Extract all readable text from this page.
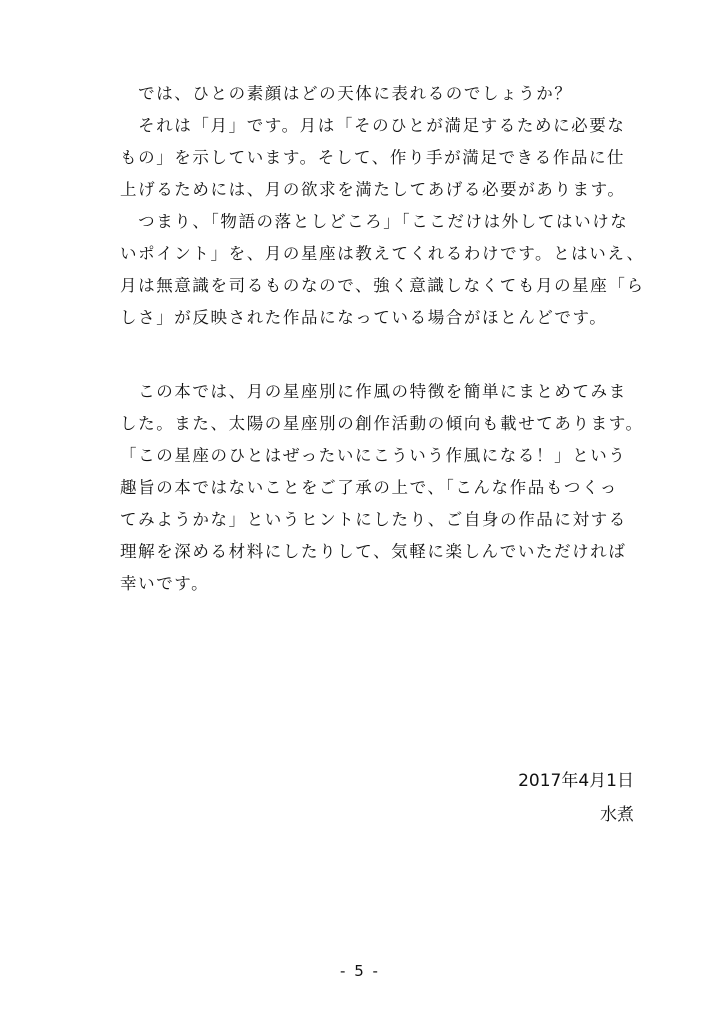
　では、ひとの素顔はどの天体に表れるのでしょうか？
　それは「月」です。月は「そのひとが満足するために必要な
もの」を示しています。そして、作り手が満足できる作品に仕
上げるためには、月の欲求を満たしてあげる必要があります。
　つまり、「物語の落としどころ」「ここだけは外してはいけな
いポイント」を、月の星座は教えてくれるわけです。とはいえ、
月は無意識を司るものなので、強く意識しなくても月の星座「ら
しさ」が反映された作品になっている場合がほとんどです。
　この本では、月の星座別に作風の特徴を簡単にまとめてみま
した。また、太陽の星座別の創作活動の傾向も載せてあります。
「この星座のひとはぜったいにこういう作風になる！」という
趣旨の本ではないことをご了承の上で、「こんな作品もつくっ
てみようかな」というヒントにしたり、ご自身の作品に対する
理解を深める材料にしたりして、気軽に楽しんでいただければ
幸いです。
2017年4月1日
水煮
- 5 -
